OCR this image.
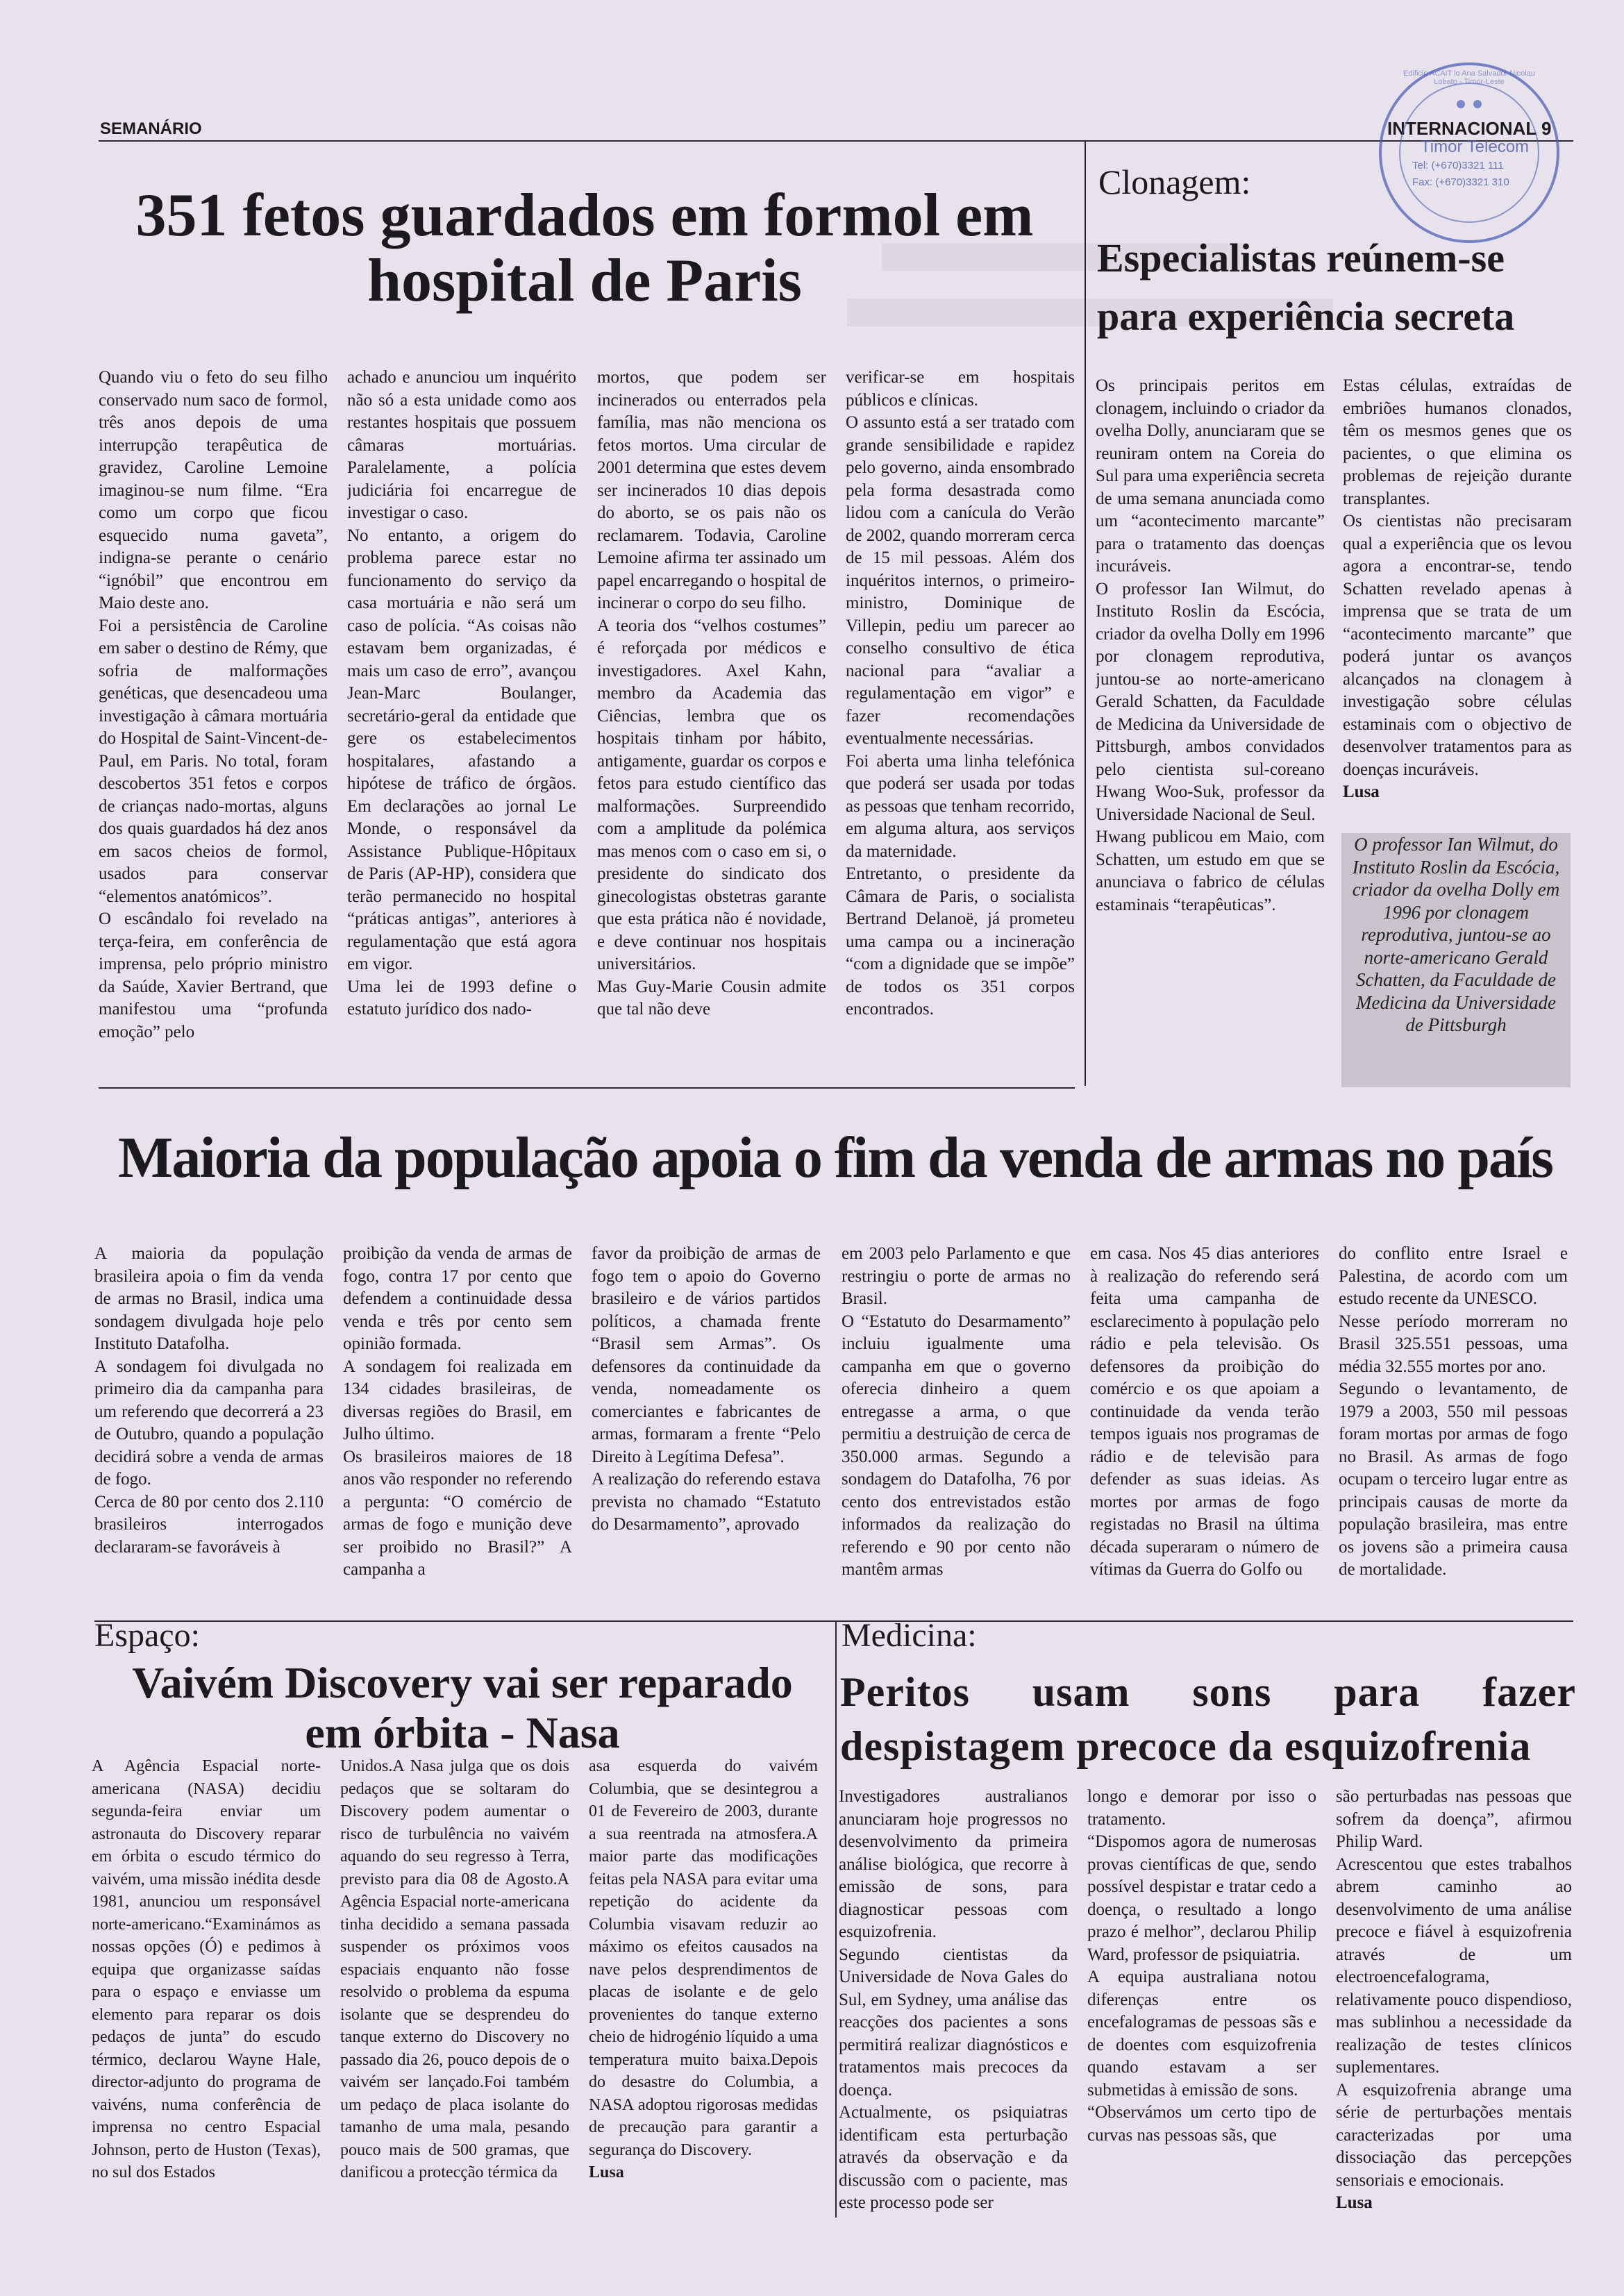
SEMANÁRIO	INTERNACIONAL 9
Timor Telecom
Tel: (+670)3321 111
Fax: (+670)3321 310
Edificio ACAIT lo Ana Salvador Nicolau Lobato - Timor-Leste
351 fetos guardados em formol em
hospital de Paris

Quando viu o feto do seu filho conservado num saco de formol, três anos depois de uma interrupção terapêutica de gravidez, Caroline Lemoine imaginou-se num filme. “Era como um corpo que ficou esquecido numa gaveta”, indigna-se perante o cenário “ignóbil” que encontrou em Maio deste ano.

Foi a persistência de Caroline em saber o destino de Rémy, que sofria de malformações genéticas, que desencadeou uma investigação à câmara mortuária do Hospital de Saint-Vincent-de-Paul, em Paris. No total, foram descobertos 351 fetos e corpos de crianças nado-mortas, alguns dos quais guardados há dez anos em sacos cheios de formol, usados para conservar “elementos anatómicos”.

O escândalo foi revelado na terça-feira, em conferência de imprensa, pelo próprio ministro da Saúde, Xavier Bertrand, que manifestou uma “profunda emoção” pelo

achado e anunciou um inquérito não só a esta unidade como aos restantes hospitais que possuem câmaras mortuárias. Paralelamente, a polícia judiciária foi encarregue de investigar o caso.

No entanto, a origem do problema parece estar no funcionamento do serviço da casa mortuária e não será um caso de polícia. “As coisas não estavam bem organizadas, é mais um caso de erro”, avançou Jean-Marc Boulanger, secretário-geral da entidade que gere os estabelecimentos hospitalares, afastando a hipótese de tráfico de órgãos. Em declarações ao jornal Le Monde, o responsável da Assistance Publique-Hôpitaux de Paris (AP-HP), considera que terão permanecido no hospital “práticas antigas”, anteriores à regulamentação que está agora em vigor.

Uma lei de 1993 define o estatuto jurídico dos nado-

mortos, que podem ser incinerados ou enterrados pela família, mas não menciona os fetos mortos. Uma circular de 2001 determina que estes devem ser incinerados 10 dias depois do aborto, se os pais não os reclamarem. Todavia, Caroline Lemoine afirma ter assinado um papel encarregando o hospital de incinerar o corpo do seu filho.

A teoria dos “velhos costumes” é reforçada por médicos e investigadores. Axel Kahn, membro da Academia das Ciências, lembra que os hospitais tinham por hábito, antigamente, guardar os corpos e fetos para estudo científico das malformações. Surpreendido com a amplitude da polémica mas menos com o caso em si, o presidente do sindicato dos ginecologistas obstetras garante que esta prática não é novidade, e deve continuar nos hospitais universitários.

Mas Guy-Marie Cousin admite que tal não deve

verificar-se em hospitais públicos e clínicas.

O assunto está a ser tratado com grande sensibilidade e rapidez pelo governo, ainda ensombrado pela forma desastrada como lidou com a canícula do Verão de 2002, quando morreram cerca de 15 mil pessoas. Além dos inquéritos internos, o primeiro-ministro, Dominique de Villepin, pediu um parecer ao conselho consultivo de ética nacional para “avaliar a regulamentação em vigor” e fazer recomendações eventualmente necessárias.

Foi aberta uma linha telefónica que poderá ser usada por todas as pessoas que tenham recorrido, em alguma altura, aos serviços da maternidade.

Entretanto, o presidente da Câmara de Paris, o socialista Bertrand Delanoë, já prometeu uma campa ou a incineração “com a dignidade que se impõe” de todos os 351 corpos encontrados.

Clonagem:
Especialistas reúnem-se para experiência secreta

Os principais peritos em clonagem, incluindo o criador da ovelha Dolly, anunciaram que se reuniram ontem na Coreia do Sul para uma experiência secreta de uma semana anunciada como um “acontecimento marcante” para o tratamento das doenças incuráveis.

O professor Ian Wilmut, do Instituto Roslin da Escócia, criador da ovelha Dolly em 1996 por clonagem reprodutiva, juntou-se ao norte-americano Gerald Schatten, da Faculdade de Medicina da Universidade de Pittsburgh, ambos convidados pelo cientista sul-coreano Hwang Woo-Suk, professor da Universidade Nacional de Seul.

Hwang publicou em Maio, com Schatten, um estudo em que se anunciava o fabrico de células estaminais “terapêuticas”.

Estas células, extraídas de embriões humanos clonados, têm os mesmos genes que os pacientes, o que elimina os problemas de rejeição durante transplantes.

Os cientistas não precisaram qual a experiência que os levou agora a encontrar-se, tendo Schatten revelado apenas à imprensa que se trata de um “acontecimento marcante” que poderá juntar os avanços alcançados na clonagem à investigação sobre células estaminais com o objectivo de desenvolver tratamentos para as doenças incuráveis.

Lusa

O professor Ian Wilmut, do Instituto Roslin da Escócia, criador da ovelha Dolly em 1996 por clonagem reprodutiva, juntou-se ao norte-americano Gerald Schatten, da Faculdade de Medicina da Universidade de Pittsburgh
Maioria da população apoia o fim da venda de armas no país

A maioria da população brasileira apoia o fim da venda de armas no Brasil, indica uma sondagem divulgada hoje pelo Instituto Datafolha.

A sondagem foi divulgada no primeiro dia da campanha para um referendo que decorrerá a 23 de Outubro, quando a população decidirá sobre a venda de armas de fogo.

Cerca de 80 por cento dos 2.110 brasileiros interrogados declararam-se favoráveis à

proibição da venda de armas de fogo, contra 17 por cento que defendem a continuidade dessa venda e três por cento sem opinião formada.

A sondagem foi realizada em 134 cidades brasileiras, de diversas regiões do Brasil, em Julho último.

Os brasileiros maiores de 18 anos vão responder no referendo a pergunta: “O comércio de armas de fogo e munição deve ser proibido no Brasil?” A campanha a

favor da proibição de armas de fogo tem o apoio do Governo brasileiro e de vários partidos políticos, a chamada frente “Brasil sem Armas”. Os defensores da continuidade da venda, nomeadamente os comerciantes e fabricantes de armas, formaram a frente “Pelo Direito à Legítima Defesa”.

A realização do referendo estava prevista no chamado “Estatuto do Desarmamento”, aprovado

em 2003 pelo Parlamento e que restringiu o porte de armas no Brasil.

O “Estatuto do Desarmamento” incluiu igualmente uma campanha em que o governo oferecia dinheiro a quem entregasse a arma, o que permitiu a destruição de cerca de 350.000 armas. Segundo a sondagem do Datafolha, 76 por cento dos entrevistados estão informados da realização do referendo e 90 por cento não mantêm armas

em casa. Nos 45 dias anteriores à realização do referendo será feita uma campanha de esclarecimento à população pelo rádio e pela televisão. Os defensores da proibição do comércio e os que apoiam a continuidade da venda terão tempos iguais nos programas de rádio e de televisão para defender as suas ideias. As mortes por armas de fogo registadas no Brasil na última década superaram o número de vítimas da Guerra do Golfo ou

do conflito entre Israel e Palestina, de acordo com um estudo recente da UNESCO.

Nesse período morreram no Brasil 325.551 pessoas, uma média 32.555 mortes por ano.

Segundo o levantamento, de 1979 a 2003, 550 mil pessoas foram mortas por armas de fogo no Brasil. As armas de fogo ocupam o terceiro lugar entre as principais causas de morte da população brasileira, mas entre os jovens são a primeira causa de mortalidade.

Espaço:
Vaivém Discovery vai ser reparado
em órbita - Nasa

A Agência Espacial norte-americana (NASA) decidiu segunda-feira enviar um astronauta do Discovery reparar em órbita o escudo térmico do vaivém, uma missão inédita desde 1981, anunciou um responsável norte-americano.“Examinámos as nossas opções (Ó) e pedimos à equipa que organizasse saídas para o espaço e enviasse um elemento para reparar os dois pedaços de junta” do escudo térmico, declarou Wayne Hale, director-adjunto do programa de vaivéns, numa conferência de imprensa no centro Espacial Johnson, perto de Huston (Texas), no sul dos Estados

Unidos.A Nasa julga que os dois pedaços que se soltaram do Discovery podem aumentar o risco de turbulência no vaivém aquando do seu regresso à Terra, previsto para dia 08 de Agosto.A Agência Espacial norte-americana tinha decidido a semana passada suspender os próximos voos espaciais enquanto não fosse resolvido o problema da espuma isolante que se desprendeu do tanque externo do Discovery no passado dia 26, pouco depois de o vaivém ser lançado.Foi também um pedaço de placa isolante do tamanho de uma mala, pesando pouco mais de 500 gramas, que danificou a protecção térmica da

asa esquerda do vaivém Columbia, que se desintegrou a 01 de Fevereiro de 2003, durante a sua reentrada na atmosfera.A maior parte das modificações feitas pela NASA para evitar uma repetição do acidente da Columbia visavam reduzir ao máximo os efeitos causados na nave pelos desprendimentos de placas de isolante e de gelo provenientes do tanque externo cheio de hidrogénio líquido a uma temperatura muito baixa.Depois do desastre do Columbia, a NASA adoptou rigorosas medidas de precaução para garantir a segurança do Discovery.

Lusa

Medicina:
Peritos usam sons para fazer despistagem precoce da esquizofrenia

Investigadores australianos anunciaram hoje progressos no desenvolvimento da primeira análise biológica, que recorre à emissão de sons, para diagnosticar pessoas com esquizofrenia.

Segundo cientistas da Universidade de Nova Gales do Sul, em Sydney, uma análise das reacções dos pacientes a sons permitirá realizar diagnósticos e tratamentos mais precoces da doença.

Actualmente, os psiquiatras identificam esta perturbação através da observação e da discussão com o paciente, mas este processo pode ser

longo e demorar por isso o tratamento.

“Dispomos agora de numerosas provas científicas de que, sendo possível despistar e tratar cedo a doença, o resultado a longo prazo é melhor”, declarou Philip Ward, professor de psiquiatria.

A equipa australiana notou diferenças entre os encefalogramas de pessoas sãs e de doentes com esquizofrenia quando estavam a ser submetidas à emissão de sons.

“Observámos um certo tipo de curvas nas pessoas sãs, que

são perturbadas nas pessoas que sofrem da doença”, afirmou Philip Ward.

Acrescentou que estes trabalhos abrem caminho ao desenvolvimento de uma análise precoce e fiável à esquizofrenia através de um electroencefalograma, relativamente pouco dispendioso, mas sublinhou a necessidade da realização de testes clínicos suplementares.

A esquizofrenia abrange uma série de perturbações mentais caracterizadas por uma dissociação das percepções sensoriais e emocionais.

Lusa
